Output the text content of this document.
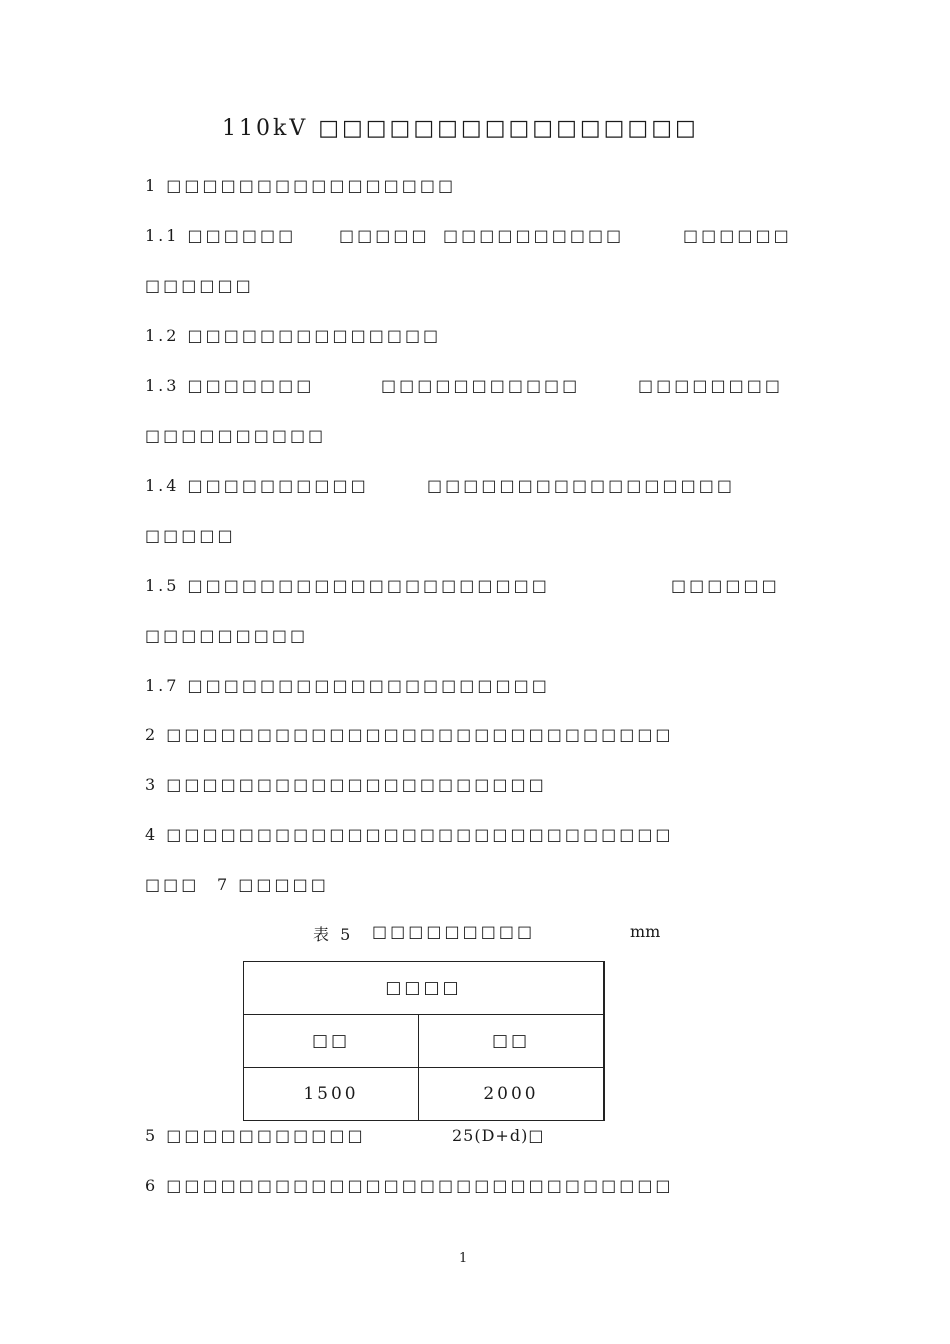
110kV □□□□□□□□□□□□□□□□
1 □□□□□□□□□□□□□□□□
1.1 □□□□□□	□□□□□ □□□□□□□□□□	□□□□□□
□□□□□□
1.2 □□□□□□□□□□□□□□
1.3 □□□□□□□	□□□□□□□□□□□	□□□□□□□□
□□□□□□□□□□
1.4 □□□□□□□□□□	□□□□□□□□□□□□□□□□□
□□□□□
1.5 □□□□□□□□□□□□□□□□□□□□	□□□□□□
□□□□□□□□□
1.7 □□□□□□□□□□□□□□□□□□□□
2 □□□□□□□□□□□□□□□□□□□□□□□□□□□□
3 □□□□□□□□□□□□□□□□□□□□□
4 □□□□□□□□□□□□□□□□□□□□□□□□□□□□
□□□ 7 □□□□□
表 5 □□□□□□□□□	mm
□□□□	
□□	□□
1500	2000
5 □□□□□□□□□□□	25(D+d)□
6 □□□□□□□□□□□□□□□□□□□□□□□□□□□□
1
